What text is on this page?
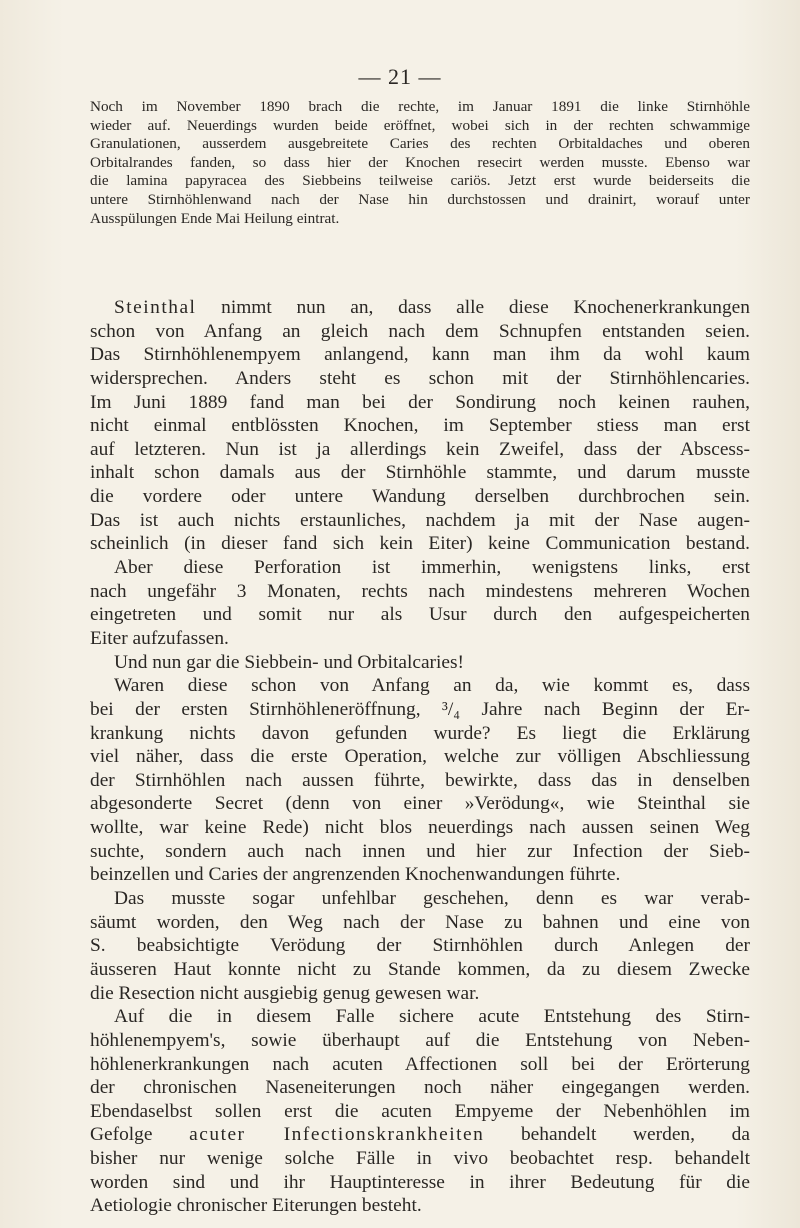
— 21 —
Noch im November 1890 brach die rechte, im Januar 1891 die linke Stirnhöhle
wieder auf. Neuerdings wurden beide eröffnet, wobei sich in der rechten schwammige
Granulationen, ausserdem ausgebreitete Caries des rechten Orbitaldaches und oberen
Orbitalrandes fanden, so dass hier der Knochen resecirt werden musste. Ebenso war
die lamina papyracea des Siebbeins teilweise cariös. Jetzt erst wurde beiderseits die
untere Stirnhöhlenwand nach der Nase hin durchstossen und drainirt, worauf unter
Ausspülungen Ende Mai Heilung eintrat.
Steinthal nimmt nun an, dass alle diese Knochenerkrankungen
schon von Anfang an gleich nach dem Schnupfen entstanden seien.
Das Stirnhöhlenempyem anlangend, kann man ihm da wohl kaum
widersprechen. Anders steht es schon mit der Stirnhöhlencaries.
Im Juni 1889 fand man bei der Sondirung noch keinen rauhen,
nicht einmal entblössten Knochen, im September stiess man erst
auf letzteren. Nun ist ja allerdings kein Zweifel, dass der Abscess-
inhalt schon damals aus der Stirnhöhle stammte, und darum musste
die vordere oder untere Wandung derselben durchbrochen sein.
Das ist auch nichts erstaunliches, nachdem ja mit der Nase augen-
scheinlich (in dieser fand sich kein Eiter) keine Communication bestand.
Aber diese Perforation ist immerhin, wenigstens links, erst
nach ungefähr 3 Monaten, rechts nach mindestens mehreren Wochen
eingetreten und somit nur als Usur durch den aufgespeicherten
Eiter aufzufassen.
Und nun gar die Siebbein- und Orbitalcaries!
Waren diese schon von Anfang an da, wie kommt es, dass
bei der ersten Stirnhöhleneröffnung, ³/₄ Jahre nach Beginn der Er-
krankung nichts davon gefunden wurde? Es liegt die Erklärung
viel näher, dass die erste Operation, welche zur völligen Abschliessung
der Stirnhöhlen nach aussen führte, bewirkte, dass das in denselben
abgesonderte Secret (denn von einer »Verödung«, wie Steinthal sie
wollte, war keine Rede) nicht blos neuerdings nach aussen seinen Weg
suchte, sondern auch nach innen und hier zur Infection der Sieb-
beinzellen und Caries der angrenzenden Knochenwandungen führte.
Das musste sogar unfehlbar geschehen, denn es war verab-
säumt worden, den Weg nach der Nase zu bahnen und eine von
S. beabsichtigte Verödung der Stirnhöhlen durch Anlegen der
äusseren Haut konnte nicht zu Stande kommen, da zu diesem Zwecke
die Resection nicht ausgiebig genug gewesen war.
Auf die in diesem Falle sichere acute Entstehung des Stirn-
höhlenempyem's, sowie überhaupt auf die Entstehung von Neben-
höhlenerkrankungen nach acuten Affectionen soll bei der Erörterung
der chronischen Naseneiterungen noch näher eingegangen werden.
Ebendaselbst sollen erst die acuten Empyeme der Nebenhöhlen im
Gefolge acuter Infectionskrankheiten behandelt werden, da
bisher nur wenige solche Fälle in vivo beobachtet resp. behandelt
worden sind und ihr Hauptinteresse in ihrer Bedeutung für die
Aetiologie chronischer Eiterungen besteht.
